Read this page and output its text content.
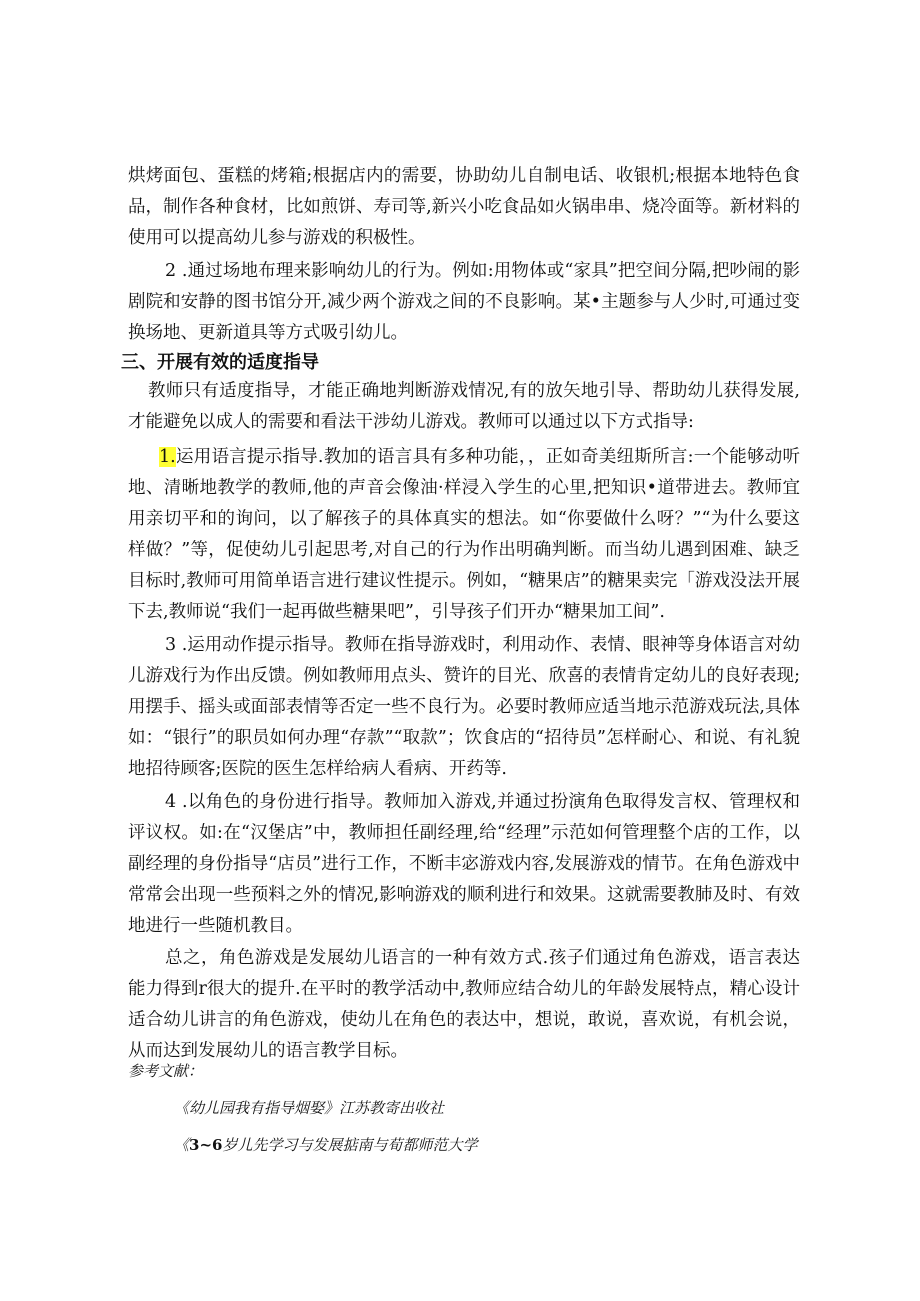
烘烤面包、蛋糕的烤箱;根据店内的需要，协助幼儿自制电话、收银机;根据本地特色食品，制作各种食材，比如煎饼、寿司等,新兴小吃食品如火锅串串、烧冷面等。新材料的使用可以提高幼儿参与游戏的积极性。

2 .通过场地布理来影响幼儿的行为。例如:用物体或“家具”把空间分隔,把吵闹的影剧院和安静的图书馆分开,减少两个游戏之间的不良影响。某•主题参与人少时,可通过变换场地、更新道具等方式吸引幼儿。

三、开展有效的适度指导

教师只有适度指导，才能正确地判断游戏情况,有的放矢地引导、帮助幼儿获得发展,才能避免以成人的需要和看法干涉幼儿游戏。教师可以通过以下方式指导:

1.运用语言提示指导.教加的语言具有多种功能，，正如奇美纽斯所言:一个能够动听地、清晰地教学的教师,他的声音会像油·样浸入学生的心里,把知识•道带进去。教师宜用亲切平和的询问，以了解孩子的具体真实的想法。如“你要做什么呀？”“为什么要这样做？”等，促使幼儿引起思考,对自己的行为作出明确判断。而当幼儿遇到困难、缺乏目标时,教师可用简单语言进行建议性提示。例如，“糖果店”的糖果卖完「游戏没法开展下去,教师说“我们一起再做些糖果吧”，引导孩子们开办“糖果加工间”.

3 .运用动作提示指导。教师在指导游戏时，利用动作、表情、眼神等身体语言对幼儿游戏行为作出反馈。例如教师用点头、赞许的目光、欣喜的表情肯定幼儿的良好表现;用摆手、摇头或面部表情等否定一些不良行为。必要时教师应适当地示范游戏玩法,具体如：“银行”的职员如何办理“存款”“取款”；饮食店的“招待员”怎样耐心、和说、有礼貌地招待顾客;医院的医生怎样给病人看病、开药等.

4 .以角色的身份进行指导。教师加入游戏,并通过扮演角色取得发言权、管理权和评议权。如:在“汉堡店”中，教师担任副经理,给“经理”示范如何管理整个店的工作，以副经理的身份指导“店员”进行工作，不断丰宓游戏内容,发展游戏的情节。在角色游戏中常常会出现一些预料之外的情况,影响游戏的顺利进行和效果。这就需要教肺及时、有效地进行一些随机教目。

总之，角色游戏是发展幼儿语言的一种有效方式.孩子们通过角色游戏，语言表达能力得到r很大的提升.在平时的教学活动中,教师应结合幼儿的年龄发展特点，精心设计适合幼儿讲言的角色游戏，使幼儿在角色的表达中，想说，敢说，喜欢说，有机会说，从而达到发展幼儿的语言教学目标。

参考文献：

《幼儿园我有指导烟娶》江苏教寄出收社

《3~6岁儿先学习与发展掂南与荀都师范大学
